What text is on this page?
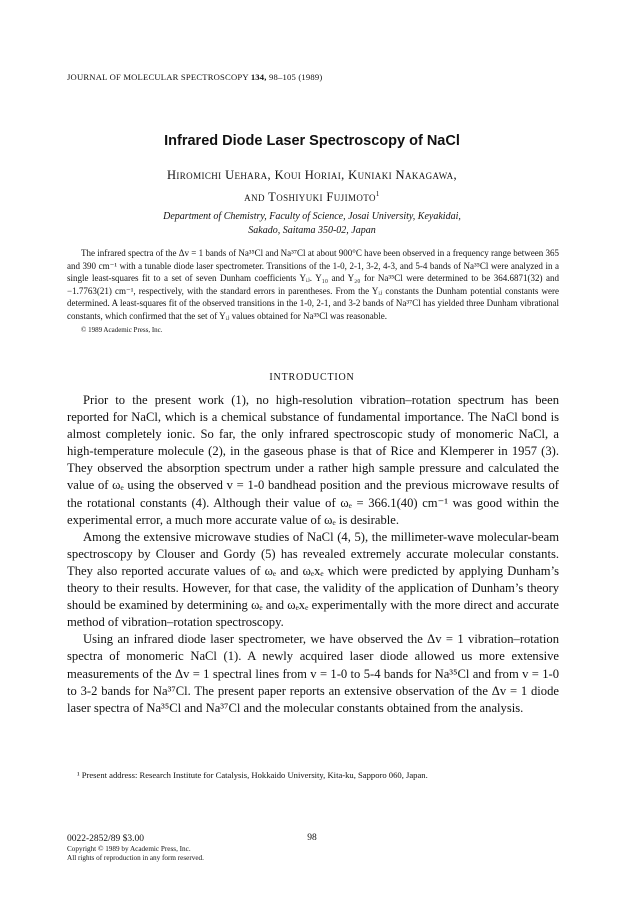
JOURNAL OF MOLECULAR SPECTROSCOPY 134, 98–105 (1989)
Infrared Diode Laser Spectroscopy of NaCl
Hiromichi Uehara, Koui Horiai, Kuniaki Nakagawa,
and Toshiyuki Fujimoto$^1$
Department of Chemistry, Faculty of Science, Josai University, Keyakidai,
Sakado, Saitama 350-02, Japan

The infrared spectra of the Δv = 1 bands of Na³⁵Cl and Na³⁷Cl at about 900°C have been observed in a frequency range between 365 and 390 cm⁻¹ with a tunable diode laser spectrometer. Transitions of the 1-0, 2-1, 3-2, 4-3, and 5-4 bands of Na³⁵Cl were analyzed in a single least-squares fit to a set of seven Dunham coefficients Yᵢⱼ. Y₁₀ and Y₂₀ for Na³⁵Cl were determined to be 364.6871(32) and −1.7763(21) cm⁻¹, respectively, with the standard errors in parentheses. From the Yᵢⱼ constants the Dunham potential constants were determined. A least-squares fit of the observed transitions in the 1-0, 2-1, and 3-2 bands of Na³⁷Cl has yielded three Dunham vibrational constants, which confirmed that the set of Yᵢⱼ values obtained for Na³⁵Cl was reasonable.

© 1989 Academic Press, Inc.

INTRODUCTION

Prior to the present work (1), no high-resolution vibration–rotation spectrum has been reported for NaCl, which is a chemical substance of fundamental importance. The NaCl bond is almost completely ionic. So far, the only infrared spectroscopic study of monomeric NaCl, a high-temperature molecule (2), in the gaseous phase is that of Rice and Klemperer in 1957 (3). They observed the absorption spectrum under a rather high sample pressure and calculated the value of ωₑ using the observed v = 1-0 bandhead position and the previous microwave results of the rotational constants (4). Although their value of ωₑ = 366.1(40) cm⁻¹ was good within the experimental error, a much more accurate value of ωₑ is desirable.

Among the extensive microwave studies of NaCl (4, 5), the millimeter-wave molecular-beam spectroscopy by Clouser and Gordy (5) has revealed extremely accurate molecular constants. They also reported accurate values of ωₑ and ωₑxₑ which were predicted by applying Dunham’s theory to their results. However, for that case, the validity of the application of Dunham’s theory should be examined by determining ωₑ and ωₑxₑ experimentally with the more direct and accurate method of vibration–rotation spectroscopy.

Using an infrared diode laser spectrometer, we have observed the Δv = 1 vibration–rotation spectra of monomeric NaCl (1). A newly acquired laser diode allowed us more extensive measurements of the Δv = 1 spectral lines from v = 1-0 to 5-4 bands for Na³⁵Cl and from v = 1-0 to 3-2 bands for Na³⁷Cl. The present paper reports an extensive observation of the Δv = 1 diode laser spectra of Na³⁵Cl and Na³⁷Cl and the molecular constants obtained from the analysis.

¹ Present address: Research Institute for Catalysis, Hokkaido University, Kita-ku, Sapporo 060, Japan.

0022-2852/89 $3.00
Copyright © 1989 by Academic Press, Inc.
All rights of reproduction in any form reserved.
98
